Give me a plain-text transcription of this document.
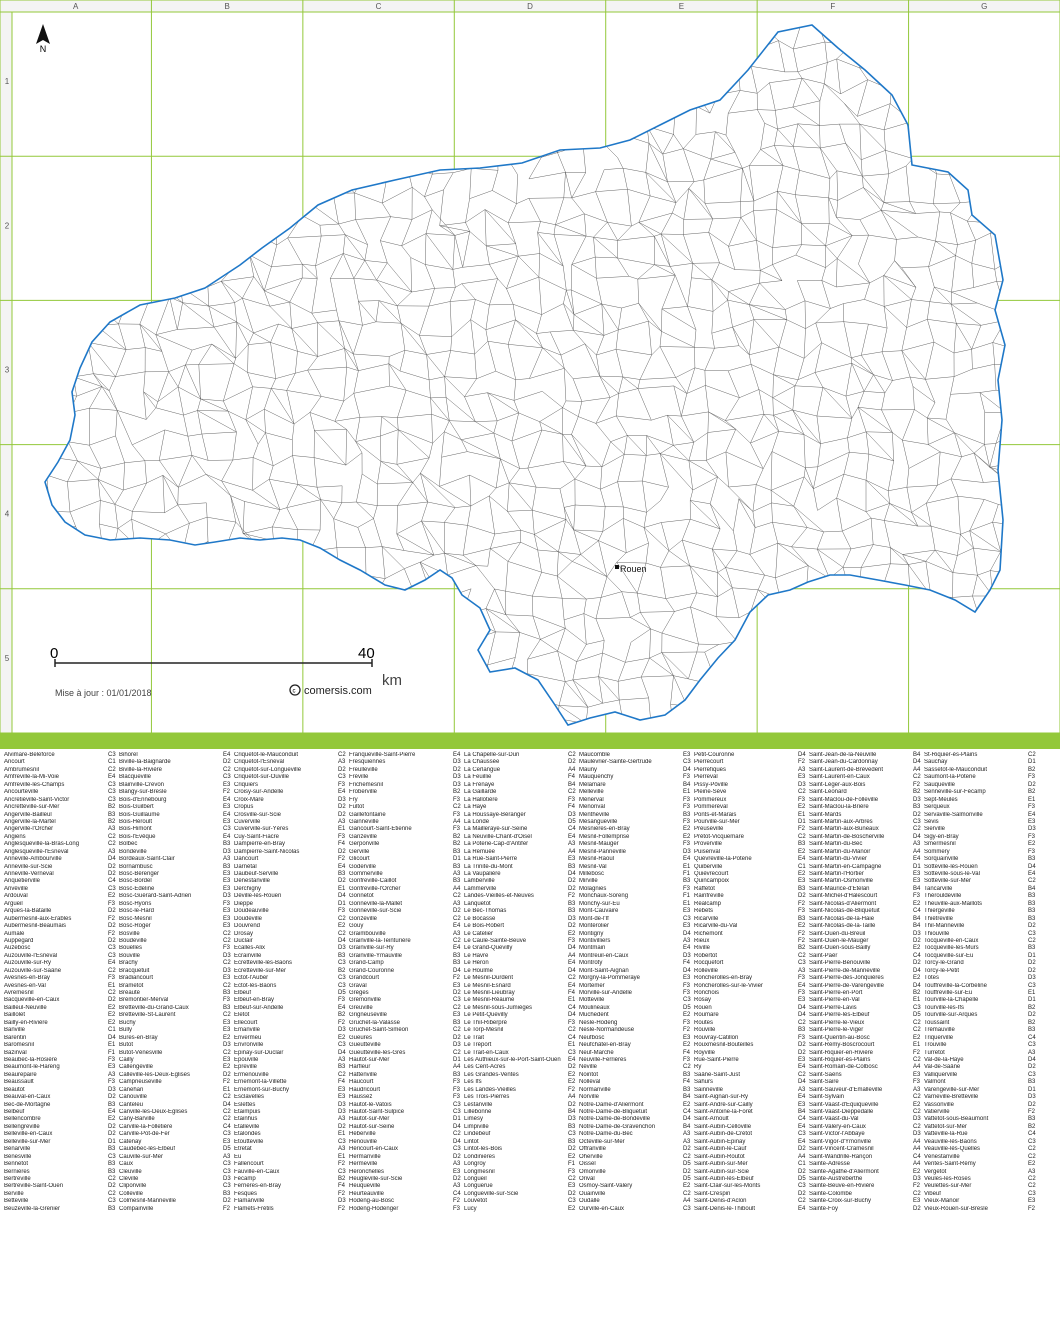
A	B	C	D	E	F	G
1
2
3
4
5
N
0	40
km
Mise à jour : 01/01/2018	c comersis.com
Rouen
Alvimare-Beleforce	C3
Ancourt	C1
Ambrumesnil	C2
Amfreville-la-Mi-Voie	E4
Amfreville-les-Champs	C3
Ancourteville	C3
Ancretiéville-Saint-Victor	C3
Ancretteville-sur-Mer	B2
Angerville-Bailleul	B3
Angerville-la-Martel	B2
Angerville-l'Orcher	A3
Angiens	C2
Anglesqueville-la-Bras-Long	C2
Anglesqueville-l'Esneval	A3
Anneville-Ambourville	D4
Anneville-sur-Scie	D2
Anneville-Verneval	D2
Anquetierville	C4
Anvéville	C3
Ardouval	E2
Argueil	F3
Arques-la-Bataille	D2
Aubermesnil-aux-Érables	F2
Aubermesnil-Beaumais	D2
Aumale	F2
Auppegard	D2
Auzebosc	C3
Auzouville-l'Esneval	C3
Auzouville-sur-Ry	E4
Auzouville-sur-Saâne	C2
Avesnes-en-Bray	F3
Avesnes-en-Val	E1
Avremesnil	C2
Bacqueville-en-Caux	D2
Bailleul-Neuville	E2
Baillolet	E2
Bailly-en-Rivière	E2
Banville	C1
Barentin	D4
Baromesnil	E1
Bazinval	F1
Beaubec-la-Rosière	F3
Beaumont-le-Hareng	E3
Beaurepaire	A3
Beaussault	F3
Beautot	D3
Beauval-en-Caux	D2
Bec-de-Mortagne	B3
Belbeuf	E4
Bellencombre	E2
Bellengreville	D2
Belleville-en-Caux	D2
Belleville-sur-Mer	D1
Bénarville	B3
Bénesville	C3
Bennetot	B3
Bernières	B3
Bertreville	C2
Bertreville-Saint-Ouen	D2
Berville	C2
Betteville	C3
Beuzeville-la-Grenier	B3
Bihorel	E4
Biville-la-Baignarde	D2
Biville-la-Rivière	C2
Blacqueville	C3
Blainville-Crevon	E3
Blangy-sur-Bresle	F2
Bois-d'Ennebourg	E4
Bois-Guilbert	E3
Bois-Guillaume	E4
Bois-Héroult	E3
Bois-Himont	C3
Bois-l'Évêque	E4
Bolbec	B3
Bondeville	D3
Bordeaux-Saint-Clair	A3
Bornambusc	B3
Bosc-Bérenger	E3
Bosc-Bordel	E3
Bosc-Édeline	E3
Bosc-Guérard-Saint-Adrien	D3
Bosc-Hyons	F3
Bosc-le-Hard	E3
Bosc-Mesnil	E3
Bosc-Roger	E3
Bosville	C2
Boudeville	C2
Bouelles	F3
Bouville	D3
Brachy	C2
Bracquetuit	D3
Bradiancourt	E3
Brametot	C2
Bréauté	B3
Brémontier-Merval	F3
Bretteville-du-Grand-Caux	B3
Bretteville-St-Laurent	C2
Buchy	E3
Bully	E3
Bures-en-Bray	E2
Butot	D3
Butot-Vénesville	C2
Cailly	E3
Callengeville	E2
Calleville-les-Deux-Églises	D2
Campneuseville	F2
Canehan	E1
Canouville	C2
Canteleu	D4
Canville-les-Deux-Églises	C2
Cany-Barville	C2
Carville-la-Folletière	C4
Carville-Pot-de-Fer	C3
Catenay	E3
Caudebec-lès-Elbeuf	D5
Cauville-sur-Mer	A3
Caux	C3
Cleuville	C3
Cléville	D3
Cliponville	C3
Colleville	B3
Colmesnil-Manneville	D2
Compainville	F2
Criquetot-le-Mauconduit	C2
Criquetot-l'Esneval	A3
Criquetot-sur-Longueville	D2
Criquetot-sur-Ouville	C3
Criquiers	F3
Croisy-sur-Andelle	E4
Croix-Mare	D3
Cropus	D2
Crosville-sur-Scie	D2
Cuverville	A3
Cuverville-sur-Yères	E1
Cuy-Saint-Fiacre	F3
Dampierre-en-Bray	F4
Dampierre-Saint-Nicolas	D2
Dancourt	F2
Darnétal	E4
Daubeuf-Serville	B3
Dénestanville	D2
Derchigny	E1
Déville-lès-Rouen	D4
Dieppe	D1
Doudeauville	F3
Doudeville	C2
Douvrend	E2
Drosay	C2
Duclair	D4
Écalles-Alix	D3
Écrainville	B3
Écretteville-lès-Baons	C3
Écretteville-sur-Mer	B2
Ectot-l'Auber	C3
Ectot-lès-Baons	C3
Elbeuf	D5
Elbeuf-en-Bray	F3
Elbeuf-sur-Andelle	E4
Életot	B2
Ellecourt	F2
Émanville	D3
Envermeu	E2
Envronville	C3
Épinay-sur-Duclair	D4
Épouville	A3
Épreville	B3
Ermenouville	C2
Ernemont-la-Villette	F4
Ernemont-sur-Buchy	E3
Esclavelles	E3
Eslettes	D3
Étaimpuis	D3
Étainhus	A3
Étalleville	D2
Étalondes	E1
Étoutteville	C3
Étretat	A3
Eu	E1
Fallencourt	F2
Fauville-en-Caux	C3
Fécamp	B2
Ferrières-en-Bray	F4
Fesques	F2
Flamanville	D3
Flamets-Frétils	F2
Franqueville-Saint-Pierre	E4
Fresquiennes	D3
Freulleville	D2
Fréville	D3
Frichemesnil	D3
Froberville	B2
Fry	F3
Fultot	C2
Gaillefontaine	F3
Gainneville	A4
Gancourt-Saint-Étienne	F3
Ganzeville	B2
Gerponville	B2
Gerville	B3
Glicourt	D1
Goderville	B3
Gommerville	A3
Gonfreville-Caillot	B3
Gonfreville-l'Orcher	A4
Gonnetot	C2
Gonneville-la-Mallet	A3
Gonneville-sur-Scie	D2
Gonzeville	C2
Gouy	E4
Graimbouville	A3
Grainville-la-Teinturière	C2
Grainville-sur-Ry	E4
Grainville-Ymauville	B3
Grand-Camp	B3
Grand-Couronne	D4
Grandcourt	F2
Graval	E3
Grèges	D2
Grémonville	C3
Greuville	C2
Grigneuseville	E3
Gruchet-la-Valasse	B3
Gruchet-Saint-Siméon	C2
Gueures	D2
Gueutteville	D3
Gueutteville-les-Grès	C2
Hautot-sur-Mer	D1
Harfleur	A4
Hattenville	B3
Haucourt	F3
Haudricourt	F3
Haussez	F3
Hautot-le-Vatois	C3
Hautot-Saint-Sulpice	C3
Hautot-sur-Mer	D1
Hautot-sur-Seine	D4
Héberville	C2
Hénouville	D4
Héricourt-en-Caux	C3
Hermanville	D2
Hermeville	A3
Héronchelles	E3
Heugleville-sur-Scie	D2
Heuqueville	A3
Heurteauville	C4
Hodeng-au-Bosc	F2
Hodeng-Hodenger	F3
La Chapelle-sur-Dun	C2
La Chaussée	D2
La Cerlangue	A4
La Feuillie	F4
La Frénaye	B4
La Gaillarde	C2
La Hallotière	F3
La Haye	F4
La Houssaye-Béranger	D3
La Londe	D5
La Mailleraye-sur-Seine	C4
La Neuville-Chant-d'Oisel	E4
La Poterie-Cap-d'Antifer	A3
La Remuée	A4
La Rue-Saint-Pierre	E3
La Trinité-du-Mont	B3
La Vaupalière	D4
Lamberville	D2
Lammerville	D2
Landes-Vieilles-et-Neuves	F2
Lanquetot	B3
Le Bec-Thomas	B3
Le Bocasse	D3
Le Bois-Robert	D2
Le Catelier	E2
Le Caule-Sainte-Beuve	F3
Le Grand-Quevilly	D4
Le Havre	A4
Le Héron	E4
Le Houlme	D4
Le Mesnil-Durdent	C2
Le Mesnil-Esnard	E4
Le Mesnil-Lieubray	F4
Le Mesnil-Réaume	E1
Le Mesnil-sous-Jumièges	C4
Le Petit-Quevilly	D4
Le Thil-Riberpré	F3
Le Torp-Mesnil	C2
Le Trait	C4
Le Tréport	E1
Le Trait-en-Caux	C3
Les Authieux-sur-le-Port-Saint-Ouen	E4
Les Cent-Acres	D2
Les Grandes-Ventes	E2
Les Ifs	E2
Les Landes-Vieilles	F2
Les Trois-Pierres	A4
Lestanville	D2
Lillebonne	B4
Limésy	D3
Limpiville	B3
Lindebeuf	C3
Lintot	B3
Lintot-les-Bois	D2
Londinières	E2
Longroy	F1
Longmesnil	F3
Longueil	C2
Longuerue	E3
Longueville-sur-Scie	D2
Louvetot	C3
Lucy	E2
Maucomble	E3
Maulévrier-Sainte-Gertrude	C3
Mauny	D4
Mauquenchy	F3
Mélamare	B4
Melleville	E1
Ménerval	F3
Menonval	F3
Mentheville	B3
Mésangueville	F3
Mesnières-en-Bray	E2
Mesnil-Follemprise	E2
Mesnil-Mauger	F3
Mesnil-Panneville	D3
Mesnil-Raoul	E4
Mesnil-Val	E1
Millebosc	F1
Mirville	B3
Molagnies	F3
Monchaux-Soreng	F1
Monchy-sur-Eu	E1
Mont-Cauvaire	E3
Mont-de-l'If	C3
Montérolier	E3
Montigny	D4
Montivilliers	A3
Montmain	E4
Montreuil-en-Caux	D3
Montroty	F4
Mont-Saint-Aignan	D4
Morgny-la-Pommeraye	E3
Mortemer	F3
Morville-sur-Andelle	F3
Motteville	C3
Moulineaux	D5
Muchedent	E2
Nesle-Hodeng	F3
Nesle-Normandeuse	F2
Neufbosc	E3
Neufchâtel-en-Bray	E2
Neuf-Marché	F4
Neuville-Ferrières	F3
Néville	C2
Nointot	B3
Nolléval	F4
Normanville	B3
Norville	B4
Notre-Dame-d'Aliermont	E2
Notre-Dame-de-Bliquetuit	C4
Notre-Dame-de-Bondeville	D4
Notre-Dame-de-Gravenchon	B4
Notre-Dame-du-Bec	A3
Octeville-sur-Mer	A3
Offranville	D2
Oherville	C2
Oissel	D5
Omonville	D2
Orival	D5
Osmoy-Saint-Valery	E2
Ouainville	C2
Oudalle	A4
Ourville-en-Caux	C3
Petit-Couronne	D4
Pierrecourt	F2
Pierrefiques	A3
Pierreval	E3
Pissy-Pôville	D3
Pleine-Sève	C2
Pommereux	F3
Pommeréval	E2
Ponts-et-Marais	E1
Pourville-sur-Mer	D1
Preuseville	F2
Prétot-Vicquemare	C2
Proverville	B3
Puisenval	E2
Quévreville-la-Poterie	E4
Quiberville	C1
Quièvrecourt	E2
Quincampoix	E3
Raffetot	B3
Rainfreville	D2
Réalcamp	F2
Rebets	F3
Ricarville	B3
Ricarville-du-Val	E2
Richemont	F2
Rieux	F2
Riville	B2
Robertot	C2
Rocquefort	C3
Rolleville	A3
Roncherolles-en-Bray	F3
Roncherolles-sur-le-Vivier	E4
Ronchois	F3
Rosay	E3
Rouen	D4
Roumare	D4
Routes	C2
Rouville	B3
Rouvray-Catillon	F3
Rouxmesnil-Bouteilles	D2
Royville	D2
Rue-Saint-Pierre	E3
Ry	E4
Saâne-Saint-Just	C2
Sahurs	D4
Sainneville	A3
Saint-Aignan-sur-Ry	E4
Saint-André-sur-Cailly	E3
Saint-Antoine-la-Forêt	B4
Saint-Arnoult	C4
Saint-Aubin-Celloville	E4
Saint-Aubin-de-Crétot	C3
Saint-Aubin-Épinay	E4
Saint-Aubin-le-Cauf	D2
Saint-Aubin-Routot	A4
Saint-Aubin-sur-Mer	C1
Saint-Aubin-sur-Scie	D2
Saint-Aubin-lès-Elbeuf	D5
Saint-Clair-sur-les-Monts	C3
Saint-Crespin	D2
Saint-Denis-d'Aclon	C2
Saint-Denis-le-Thiboult	E4
Saint-Jean-de-la-Neuville	B4
Saint-Jean-du-Cardonnay	D4
Saint-Laurent-de-Brèvedent	A4
Saint-Laurent-en-Caux	C2
Saint-Léger-aux-Bois	F2
Saint-Léonard	B2
Saint-Maclou-de-Folleville	D3
Saint-Maclou-la-Brière	B3
Saint-Mards	D2
Saint-Martin-aux-Arbres	C3
Saint-Martin-aux-Buneaux	C2
Saint-Martin-de-Boscherville	D4
Saint-Martin-du-Bec	A3
Saint-Martin-du-Manoir	A4
Saint-Martin-du-Vivier	E4
Saint-Martin-en-Campagne	D1
Saint-Martin-l'Hortier	E3
Saint-Martin-Osmonville	E3
Saint-Maurice-d'Ételan	B4
Saint-Michel-d'Halescourt	F3
Saint-Nicolas-d'Aliermont	E2
Saint-Nicolas-de-Bliquetuit	C4
Saint-Nicolas-de-la-Haie	B4
Saint-Nicolas-de-la-Taille	B4
Saint-Ouen-du-Breuil	D3
Saint-Ouen-le-Mauger	D2
Saint-Ouen-sous-Bailly	E2
Saint-Paër	C4
Saint-Pierre-Bénouville	D2
Saint-Pierre-de-Manneville	D4
Saint-Pierre-des-Jonquières	E2
Saint-Pierre-de-Varengeville	D4
Saint-Pierre-en-Port	B2
Saint-Pierre-en-Val	E1
Saint-Pierre-Lavis	C3
Saint-Pierre-lès-Elbeuf	D5
Saint-Pierre-le-Vieux	C2
Saint-Pierre-le-Viger	C2
Saint-Quentin-au-Bosc	E2
Saint-Rémy-Boscrocourt	E1
Saint-Riquier-en-Rivière	F2
Saint-Riquier-ès-Plains	C2
Saint-Romain-de-Colbosc	A4
Saint-Saëns	E3
Saint-Saire	F3
Saint-Sauveur-d'Émalleville	A3
Saint-Sylvain	C2
Saint-Vaast-d'Équiqueville	E2
Saint-Vaast-Dieppedalle	C2
Saint-Vaast-du-Val	D3
Saint-Valery-en-Caux	C2
Saint-Victor-l'Abbaye	D3
Saint-Vigor-d'Ymonville	A4
Saint-Vincent-Cramesnil	A4
Saint-Wandrille-Rançon	C4
Sainte-Adresse	A4
Sainte-Agathe-d'Aliermont	E2
Sainte-Austreberthe	D3
Sainte-Beuve-en-Rivière	F2
Sainte-Colombe	C2
Sainte-Croix-sur-Buchy	E3
Sainte-Foy	D2
St-Riquier-ès-Plains	C2
Sauchay	D1
Sassetot-le-Mauconduit	B2
Saumont-la-Poterie	F3
Sauqueville	D2
Senneville-sur-Fécamp	B2
Sept-Meules	E1
Serqueux	F3
Servaville-Salmonville	E4
Sévis	E3
Sierville	D3
Sigy-en-Bray	F3
Smermesnil	E2
Sommery	F3
Sorquainville	B3
Sotteville-lès-Rouen	D4
Sotteville-sous-le-Val	E4
Sotteville-sur-Mer	C2
Tancarville	B4
Thérouldeville	B3
Theuville-aux-Maillots	B3
Thiergeville	B3
Thiétreville	B3
Thil-Manneville	D2
Thiouville	C3
Tocqueville-en-Caux	C2
Tocqueville-les-Murs	B3
Tocqueville-sur-Eu	D1
Torcy-le-Grand	D2
Torcy-le-Petit	D2
Tôtes	D3
Touffreville-la-Corbeline	C3
Touffreville-sur-Eu	E1
Tourville-la-Chapelle	D1
Tourville-les-Ifs	B2
Tourville-sur-Arques	D2
Toussaint	B2
Trémauville	B3
Triquerville	C4
Trouville	C3
Turretot	A3
Val-de-la-Haye	D4
Val-de-Saâne	D2
Valliquerville	C3
Valmont	B3
Varengeville-sur-Mer	D1
Varneville-Bretteville	D3
Vassonville	D2
Vatierville	F2
Vattetot-sous-Beaumont	B3
Vattetot-sur-Mer	B2
Vatteville-la-Rue	C4
Veauville-lès-Baons	C3
Veauville-lès-Quelles	C2
Vénestanville	C2
Ventes-Saint-Rémy	E2
Vergetot	A3
Veules-les-Roses	C2
Veulettes-sur-Mer	C2
Vibeuf	C3
Vieux-Manoir	E3
Vieux-Rouen-sur-Bresle	F2
